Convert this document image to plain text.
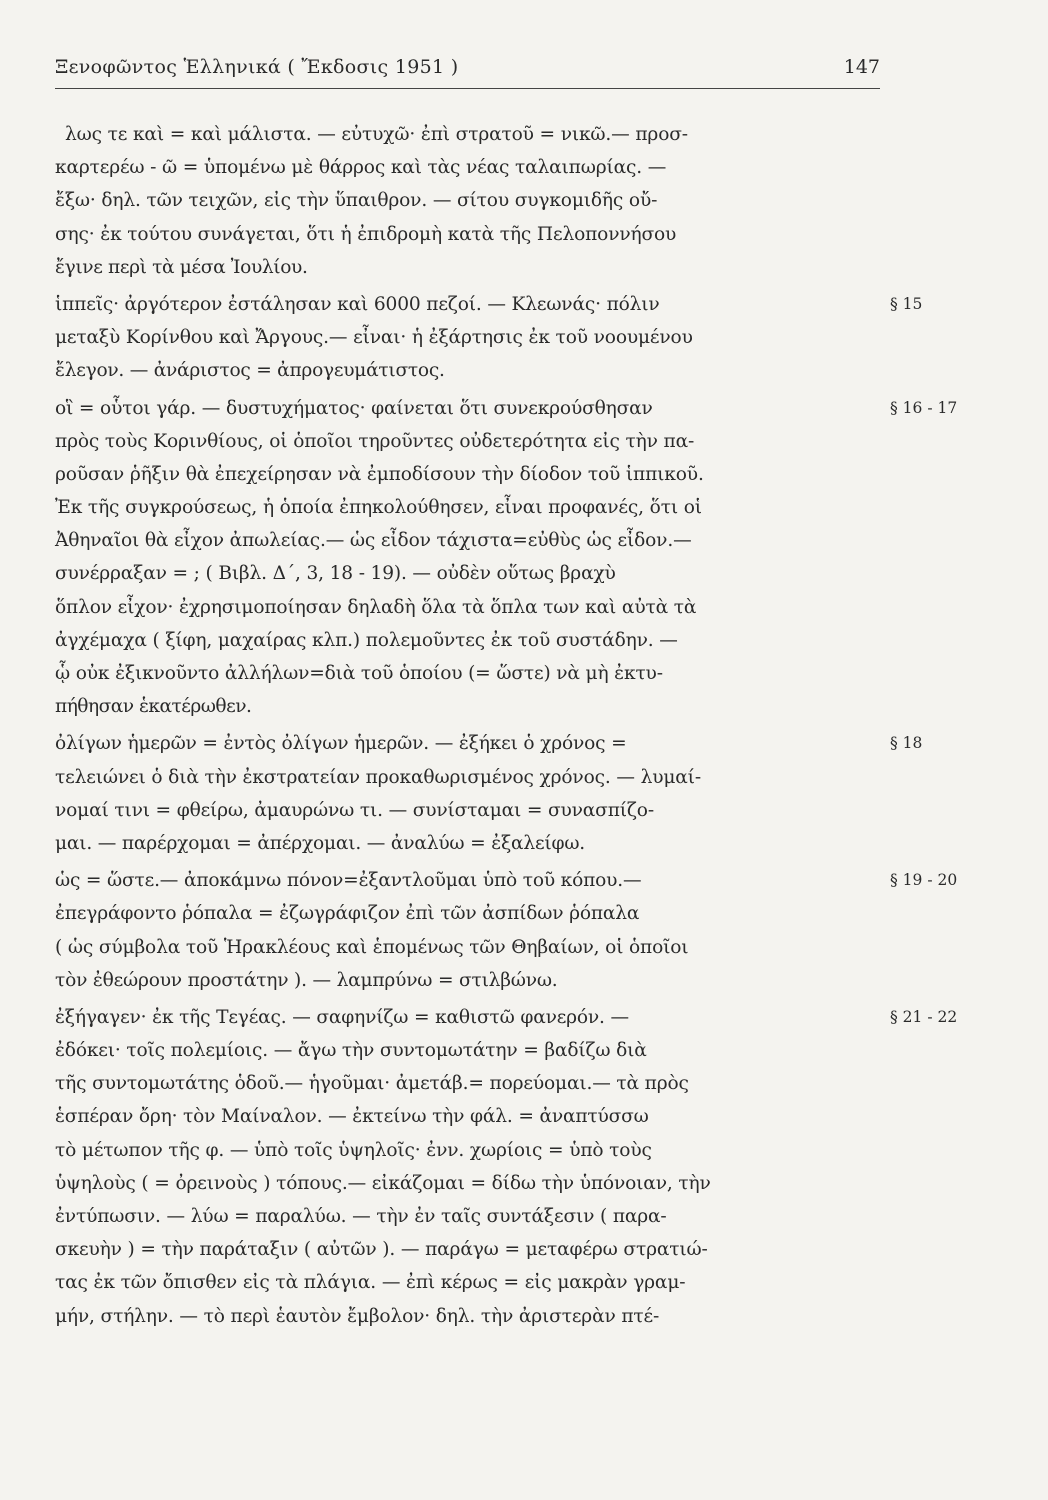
Ξενοφῶντος Ἑλληνικά ( Ἔκδοσις 1951 )	147
λως τε καὶ = καὶ μάλιστα. — εὐτυχῶ· ἐπὶ στρατοῦ = νικῶ.— προσ-
καρτερέω - ῶ = ὑπομένω μὲ θάρρος καὶ τὰς νέας ταλαιπωρίας. —
ἔξω· δηλ. τῶν τειχῶν, εἰς τὴν ὕπαιθρον. — σίτου συγκομιδῆς οὔ-
σης· ἐκ τούτου συνάγεται, ὅτι ἡ ἐπιδρομὴ κατὰ τῆς Πελοποννήσου
ἔγινε περὶ τὰ μέσα Ἰουλίου.
§ 15
ἱππεῖς· ἀργότερον ἐστάλησαν καὶ 6000 πεζοί. — Κλεωνάς· πόλιν
μεταξὺ Κορίνθου καὶ Ἄργους.— εἶναι· ἡ ἐξάρτησις ἐκ τοῦ νοουμένου
ἔλεγον. — ἀνάριστος = ἀπρογευμάτιστος.
§ 16 - 17
οἳ = οὗτοι γάρ. — δυστυχήματος· φαίνεται ὅτι συνεκρούσθησαν
πρὸς τοὺς Κορινθίους, οἱ ὁποῖοι τηροῦντες οὐδετερότητα εἰς τὴν πα-
ροῦσαν ῥῆξιν θὰ ἐπεχείρησαν νὰ ἐμποδίσουν τὴν δίοδον τοῦ ἱππικοῦ.
Ἐκ τῆς συγκρούσεως, ἡ ὁποία ἐπηκολούθησεν, εἶναι προφανές, ὅτι οἱ
Ἀθηναῖοι θὰ εἶχον ἀπωλείας.— ὡς εἶδον τάχιστα=εὐθὺς ὡς εἶδον.—
συνέρραξαν = ; ( Βιβλ. Δ΄, 3, 18 - 19). — οὐδὲν οὕτως βραχὺ
ὅπλον εἶχον· ἐχρησιμοποίησαν δηλαδὴ ὅλα τὰ ὅπλα των καὶ αὐτὰ τὰ
ἀγχέμαχα ( ξίφη, μαχαίρας κλπ.) πολεμοῦντες ἐκ τοῦ συστάδην. —
ᾧ οὐκ ἐξικνοῦντο ἀλλήλων=διὰ τοῦ ὁποίου (= ὥστε) νὰ μὴ ἐκτυ-
πήθησαν ἑκατέρωθεν.
§ 18
ὀλίγων ἡμερῶν = ἐντὸς ὀλίγων ἡμερῶν. — ἐξήκει ὁ χρόνος =
τελειώνει ὁ διὰ τὴν ἐκστρατείαν προκαθωρισμένος χρόνος. — λυμαί-
νομαί τινι = φθείρω, ἀμαυρώνω τι. — συνίσταμαι = συνασπίζο-
μαι. — παρέρχομαι = ἀπέρχομαι. — ἀναλύω = ἐξαλείφω.
§ 19 - 20
ὡς = ὥστε.— ἀποκάμνω πόνον=ἐξαντλοῦμαι ὑπὸ τοῦ κόπου.—
ἐπεγράφοντο ῥόπαλα = ἐζωγράφιζον ἐπὶ τῶν ἀσπίδων ῥόπαλα
( ὡς σύμβολα τοῦ Ἡρακλέους καὶ ἑπομένως τῶν Θηβαίων, οἱ ὁποῖοι
τὸν ἐθεώρουν προστάτην ). — λαμπρύνω = στιλβώνω.
§ 21 - 22
ἐξήγαγεν· ἐκ τῆς Τεγέας. — σαφηνίζω = καθιστῶ φανερόν. —
ἐδόκει· τοῖς πολεμίοις. — ἄγω τὴν συντομωτάτην = βαδίζω διὰ
τῆς συντομωτάτης ὁδοῦ.— ἡγοῦμαι· ἀμετάβ.= πορεύομαι.— τὰ πρὸς
ἑσπέραν ὄρη· τὸν Μαίναλον. — ἐκτείνω τὴν φάλ. = ἀναπτύσσω
τὸ μέτωπον τῆς φ. — ὑπὸ τοῖς ὑψηλοῖς· ἐνν. χωρίοις = ὑπὸ τοὺς
ὑψηλοὺς ( = ὀρεινοὺς ) τόπους.— εἰκάζομαι = δίδω τὴν ὑπόνοιαν, τὴν
ἐντύπωσιν. — λύω = παραλύω. — τὴν ἐν ταῖς συντάξεσιν ( παρα-
σκευὴν ) = τὴν παράταξιν ( αὐτῶν ). — παράγω = μεταφέρω στρατιώ-
τας ἐκ τῶν ὄπισθεν εἰς τὰ πλάγια. — ἐπὶ κέρως = εἰς μακρὰν γραμ-
μήν, στήλην. — τὸ περὶ ἑαυτὸν ἔμβολον· δηλ. τὴν ἀριστερὰν πτέ-
